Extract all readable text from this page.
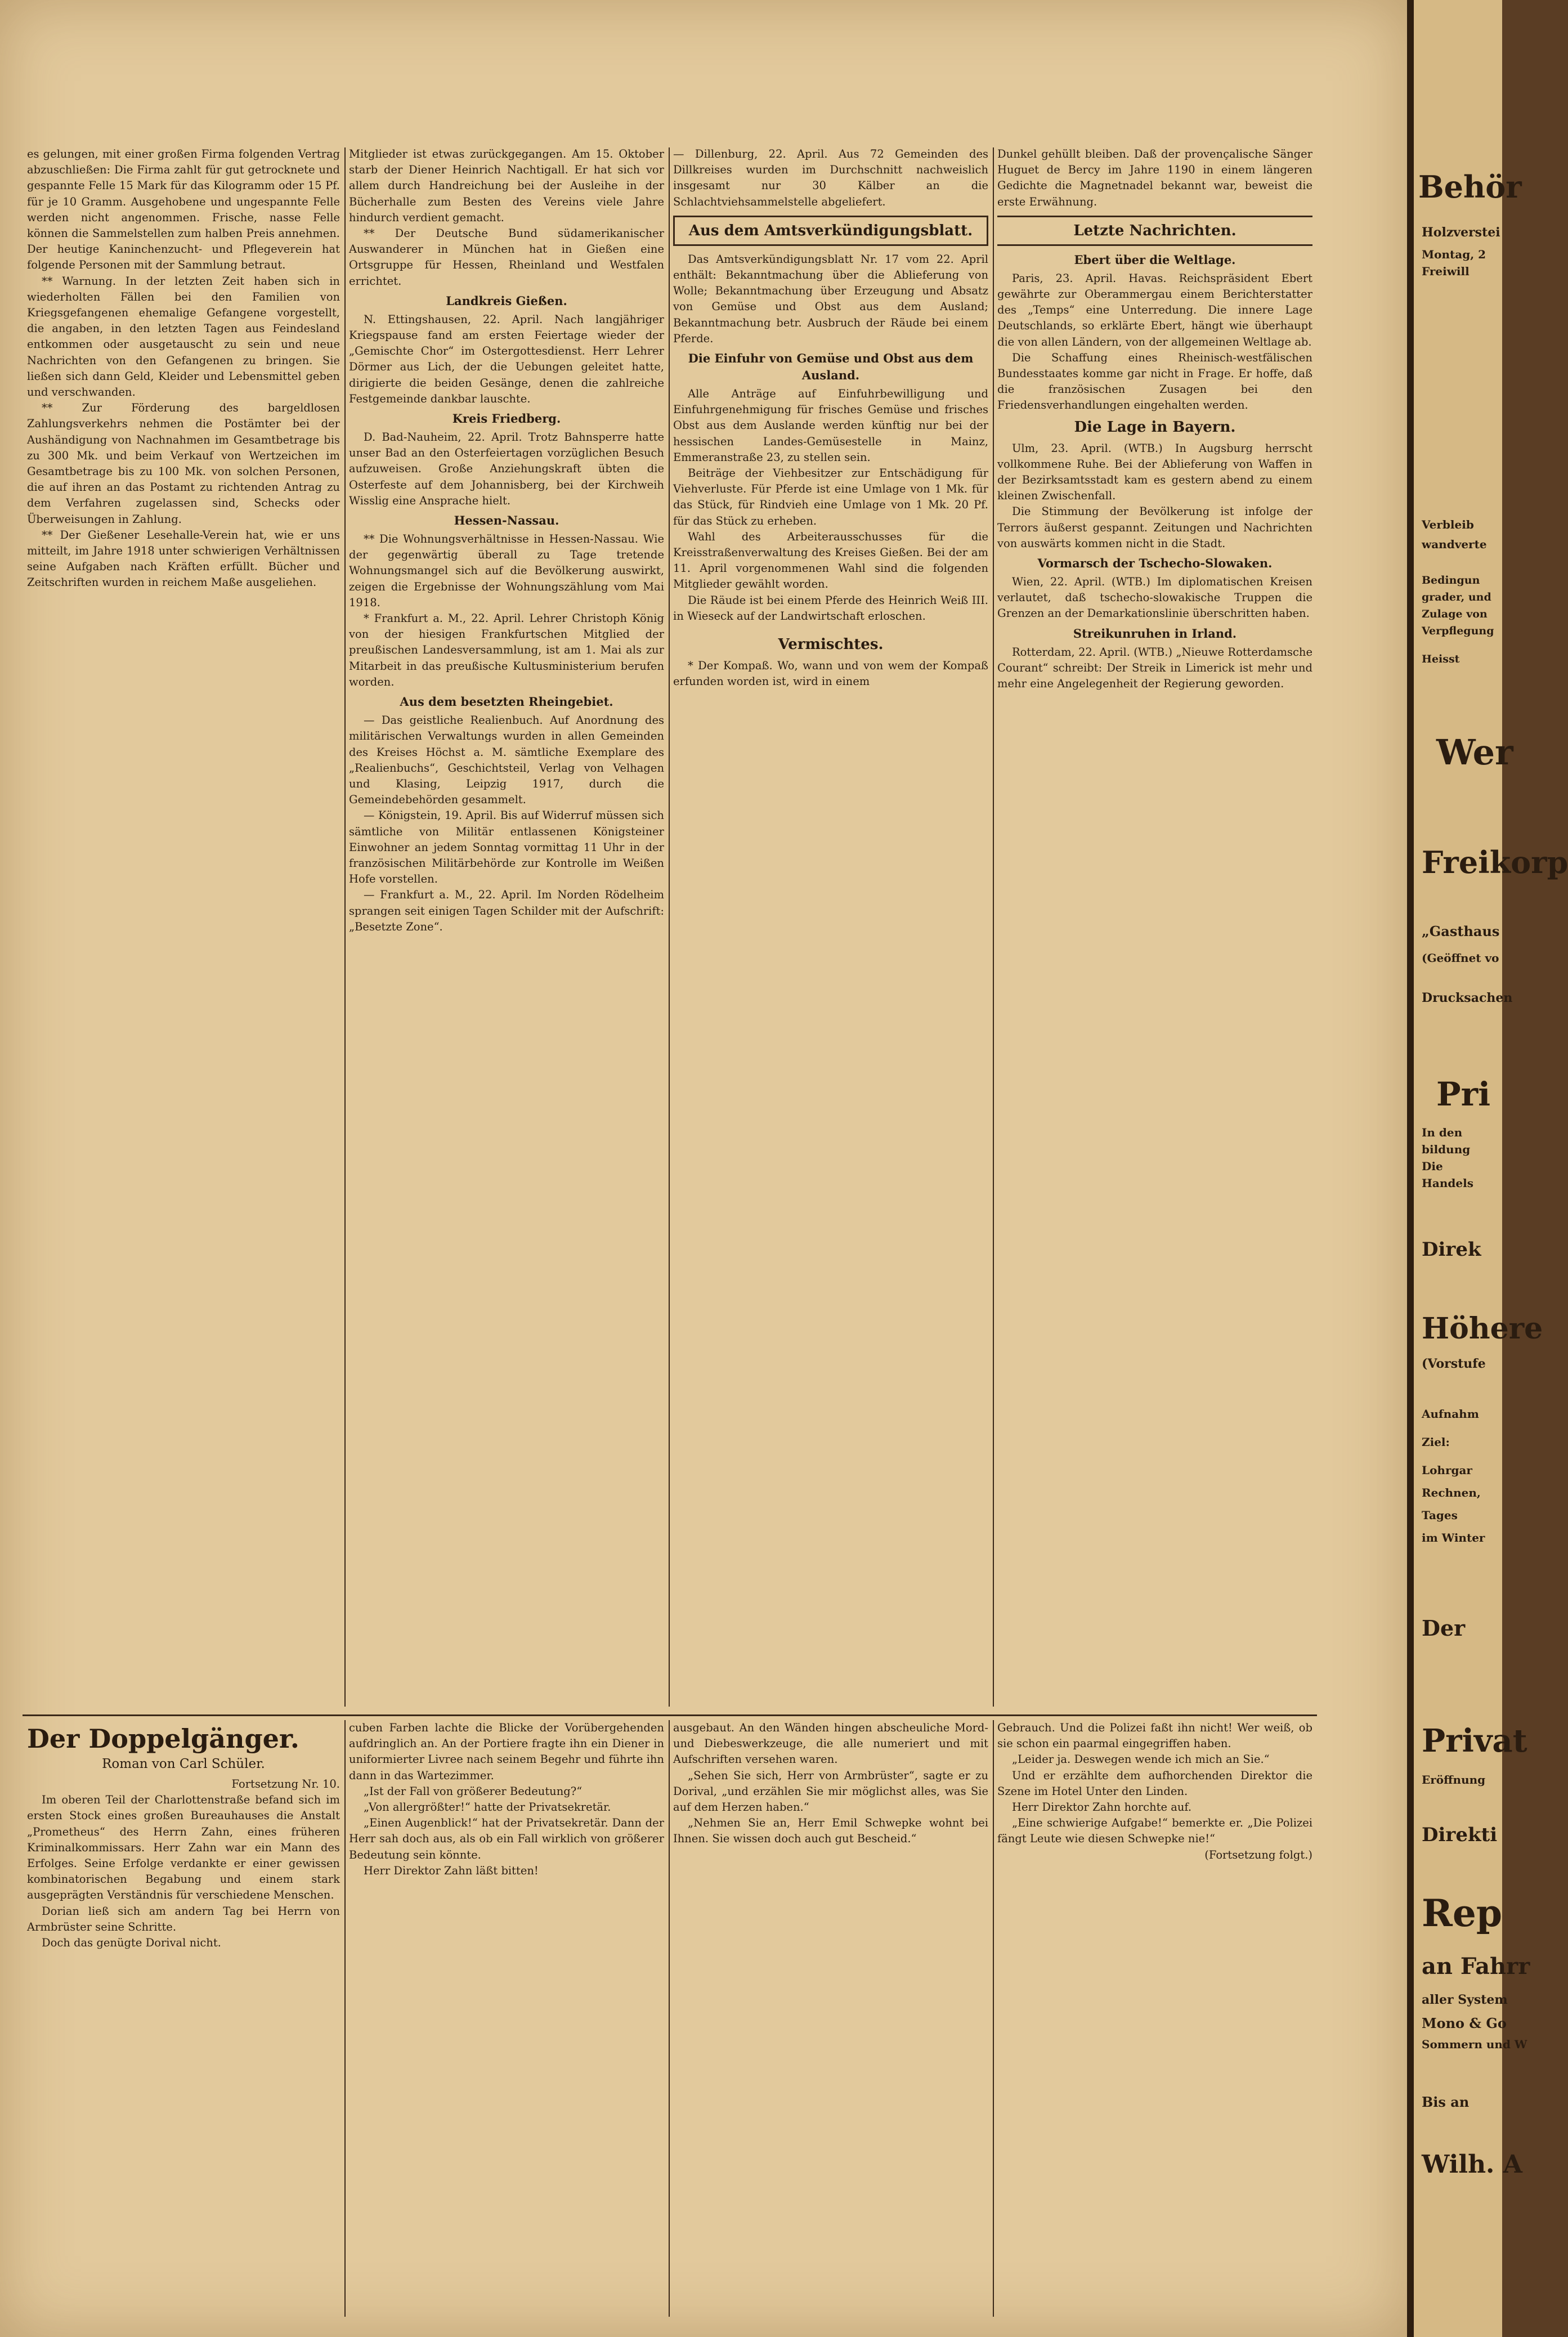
es gelungen, mit einer großen Firma folgenden Vertrag abzuschließen: Die Firma zahlt für gut getrocknete und gespannte Felle 15 Mark für das Kilogramm oder 15 Pf. für je 10 Gramm. Ausgehobene und ungespannte Felle werden nicht angenommen. Frische, nasse Felle können die Sammelstellen zum halben Preis annehmen. Der heutige Kaninchenzucht- und Pflegeverein hat folgende Personen mit der Sammlung betraut.

** Warnung. In der letzten Zeit haben sich in wiederholten Fällen bei den Familien von Kriegsgefangenen ehemalige Gefangene vorgestellt, die angaben, in den letzten Tagen aus Feindesland entkommen oder ausgetauscht zu sein und neue Nachrichten von den Gefangenen zu bringen. Sie ließen sich dann Geld, Kleider und Lebensmittel geben und verschwanden.

** Zur Förderung des bargeldlosen Zahlungsverkehrs nehmen die Postämter bei der Aushändigung von Nachnahmen im Gesamtbetrage bis zu 300 Mk. und beim Verkauf von Wertzeichen im Gesamtbetrage bis zu 100 Mk. von solchen Personen, die auf ihren an das Postamt zu richtenden Antrag zu dem Verfahren zugelassen sind, Schecks oder Überweisungen in Zahlung.

** Der Gießener Lesehalle-Verein hat, wie er uns mitteilt, im Jahre 1918 unter schwierigen Verhältnissen seine Aufgaben nach Kräften erfüllt. Bücher und Zeitschriften wurden in reichem Maße ausgeliehen.

Mitglieder ist etwas zurückgegangen. Am 15. Oktober starb der Diener Heinrich Nachtigall. Er hat sich vor allem durch Handreichung bei der Ausleihe in der Bücherhalle zum Besten des Vereins viele Jahre hindurch verdient gemacht.

** Der Deutsche Bund südamerikanischer Auswanderer in München hat in Gießen eine Ortsgruppe für Hessen, Rheinland und Westfalen errichtet.

Landkreis Gießen.

N. Ettingshausen, 22. April. Nach langjähriger Kriegspause fand am ersten Feiertage wieder der „Gemischte Chor“ im Ostergottesdienst. Herr Lehrer Dörmer aus Lich, der die Uebungen geleitet hatte, dirigierte die beiden Gesänge, denen die zahlreiche Festgemeinde dankbar lauschte.

Kreis Friedberg.

D. Bad-Nauheim, 22. April. Trotz Bahnsperre hatte unser Bad an den Osterfeiertagen vorzüglichen Besuch aufzuweisen. Große Anziehungskraft übten die Osterfeste auf dem Johannisberg, bei der Kirchweih Wisslig eine Ansprache hielt.

Hessen-Nassau.

** Die Wohnungsverhältnisse in Hessen-Nassau. Wie der gegenwärtig überall zu Tage tretende Wohnungsmangel sich auf die Bevölkerung auswirkt, zeigen die Ergebnisse der Wohnungszählung vom Mai 1918.

* Frankfurt a. M., 22. April. Lehrer Christoph König von der hiesigen Frankfurtschen Mitglied der preußischen Landesversammlung, ist am 1. Mai als zur Mitarbeit in das preußische Kultusministerium berufen worden.

Aus dem besetzten Rheingebiet.

— Das geistliche Realienbuch. Auf Anordnung des militärischen Verwaltungs wurden in allen Gemeinden des Kreises Höchst a. M. sämtliche Exemplare des „Realienbuchs“, Geschichtsteil, Verlag von Velhagen und Klasing, Leipzig 1917, durch die Gemeindebehörden gesammelt.

— Königstein, 19. April. Bis auf Widerruf müssen sich sämtliche von Militär entlassenen Königsteiner Einwohner an jedem Sonntag vormittag 11 Uhr in der französischen Militärbehörde zur Kontrolle im Weißen Hofe vorstellen.

— Frankfurt a. M., 22. April. Im Norden Rödelheim sprangen seit einigen Tagen Schilder mit der Aufschrift: „Besetzte Zone“.

— Dillenburg, 22. April. Aus 72 Gemeinden des Dillkreises wurden im Durchschnitt nachweislich insgesamt nur 30 Kälber an die Schlachtviehsammelstelle abgeliefert.

Aus dem Amtsverkündigungsblatt.

Das Amtsverkündigungsblatt Nr. 17 vom 22. April enthält: Bekanntmachung über die Ablieferung von Wolle; Bekanntmachung über Erzeugung und Absatz von Gemüse und Obst aus dem Ausland; Bekanntmachung betr. Ausbruch der Räude bei einem Pferde.

Die Einfuhr von Gemüse und Obst aus dem Ausland.

Alle Anträge auf Einfuhrbewilligung und Einfuhrgenehmigung für frisches Gemüse und frisches Obst aus dem Auslande werden künftig nur bei der hessischen Landes-Gemüsestelle in Mainz, Emmeranstraße 23, zu stellen sein.

Beiträge der Viehbesitzer zur Entschädigung für Viehverluste. Für Pferde ist eine Umlage von 1 Mk. für das Stück, für Rindvieh eine Umlage von 1 Mk. 20 Pf. für das Stück zu erheben.

Wahl des Arbeiterausschusses für die Kreisstraßenverwaltung des Kreises Gießen. Bei der am 11. April vorgenommenen Wahl sind die folgenden Mitglieder gewählt worden.

Die Räude ist bei einem Pferde des Heinrich Weiß III. in Wieseck auf der Landwirtschaft erloschen.

Vermischtes.

* Der Kompaß. Wo, wann und von wem der Kompaß erfunden worden ist, wird in einem

Dunkel gehüllt bleiben. Daß der provençalische Sänger Huguet de Bercy im Jahre 1190 in einem längeren Gedichte die Magnetnadel bekannt war, beweist die erste Erwähnung.

Letzte Nachrichten.
Ebert über die Weltlage.

Paris, 23. April. Havas. Reichspräsident Ebert gewährte zur Oberammergau einem Berichterstatter des „Temps“ eine Unterredung. Die innere Lage Deutschlands, so erklärte Ebert, hängt wie überhaupt die von allen Ländern, von der allgemeinen Weltlage ab.

Die Schaffung eines Rheinisch-westfälischen Bundesstaates komme gar nicht in Frage. Er hoffe, daß die französischen Zusagen bei den Friedensverhandlungen eingehalten werden.

Die Lage in Bayern.

Ulm, 23. April. (WTB.) In Augsburg herrscht vollkommene Ruhe. Bei der Ablieferung von Waffen in der Bezirksamtsstadt kam es gestern abend zu einem kleinen Zwischenfall.

Die Stimmung der Bevölkerung ist infolge der Terrors äußerst gespannt. Zeitungen und Nachrichten von auswärts kommen nicht in die Stadt.

Vormarsch der Tschecho-Slowaken.

Wien, 22. April. (WTB.) Im diplomatischen Kreisen verlautet, daß tschecho-slowakische Truppen die Grenzen an der Demarkationslinie überschritten haben.

Streikunruhen in Irland.

Rotterdam, 22. April. (WTB.) „Nieuwe Rotterdamsche Courant“ schreibt: Der Streik in Limerick ist mehr und mehr eine Angelegenheit der Regierung geworden.

Der Doppelgänger.
Roman von Carl Schüler.
Fortsetzung Nr. 10.

Im oberen Teil der Charlottenstraße befand sich im ersten Stock eines großen Bureauhauses die Anstalt „Prometheus“ des Herrn Zahn, eines früheren Kriminalkommissars. Herr Zahn war ein Mann des Erfolges. Seine Erfolge verdankte er einer gewissen kombinatorischen Begabung und einem stark ausgeprägten Verständnis für verschiedene Menschen.

Dorian ließ sich am andern Tag bei Herrn von Armbrüster seine Schritte.

Doch das genügte Dorival nicht.

cuben Farben lachte die Blicke der Vorübergehenden aufdringlich an. An der Portiere fragte ihn ein Diener in uniformierter Livree nach seinem Begehr und führte ihn dann in das Wartezimmer.

„Ist der Fall von größerer Bedeutung?“

„Von allergrößter!“ hatte der Privatsekretär.

„Einen Augenblick!“ hat der Privatsekretär. Dann der Herr sah doch aus, als ob ein Fall wirklich von größerer Bedeutung sein könnte.

Herr Direktor Zahn läßt bitten!

ausgebaut. An den Wänden hingen abscheuliche Mord- und Diebeswerkzeuge, die alle numeriert und mit Aufschriften versehen waren.

„Sehen Sie sich, Herr von Armbrüster“, sagte er zu Dorival, „und erzählen Sie mir möglichst alles, was Sie auf dem Herzen haben.“

„Nehmen Sie an, Herr Emil Schwepke wohnt bei Ihnen. Sie wissen doch auch gut Bescheid.“

Gebrauch. Und die Polizei faßt ihn nicht! Wer weiß, ob sie schon ein paarmal eingegriffen haben.

„Leider ja. Deswegen wende ich mich an Sie.“

Und er erzählte dem aufhorchenden Direktor die Szene im Hotel Unter den Linden.

Herr Direktor Zahn horchte auf.

„Eine schwierige Aufgabe!“ bemerkte er. „Die Polizei fängt Leute wie diesen Schwepke nie!“

(Fortsetzung folgt.)

Behör
Holzverstei
Montag, 2
Freiwill
Verbleib
wandverte
Bedingun
grader, und
Zulage von
Verpflegung
Heisst
Wer
Freikorp
„Gasthaus
(Geöffnet vo
Drucksachen
Pri
In den
bildung
Die
Handels
Direk
Höhere
(Vorstufe
Aufnahm
Ziel:
Lohrgar
Rechnen,
Tages
im Winter
Der
Privat
Eröffnung
Direkti
Rep
an Fahrr
aller System
Mono & Go
Sommern und W
Bis an
Wilh. A
